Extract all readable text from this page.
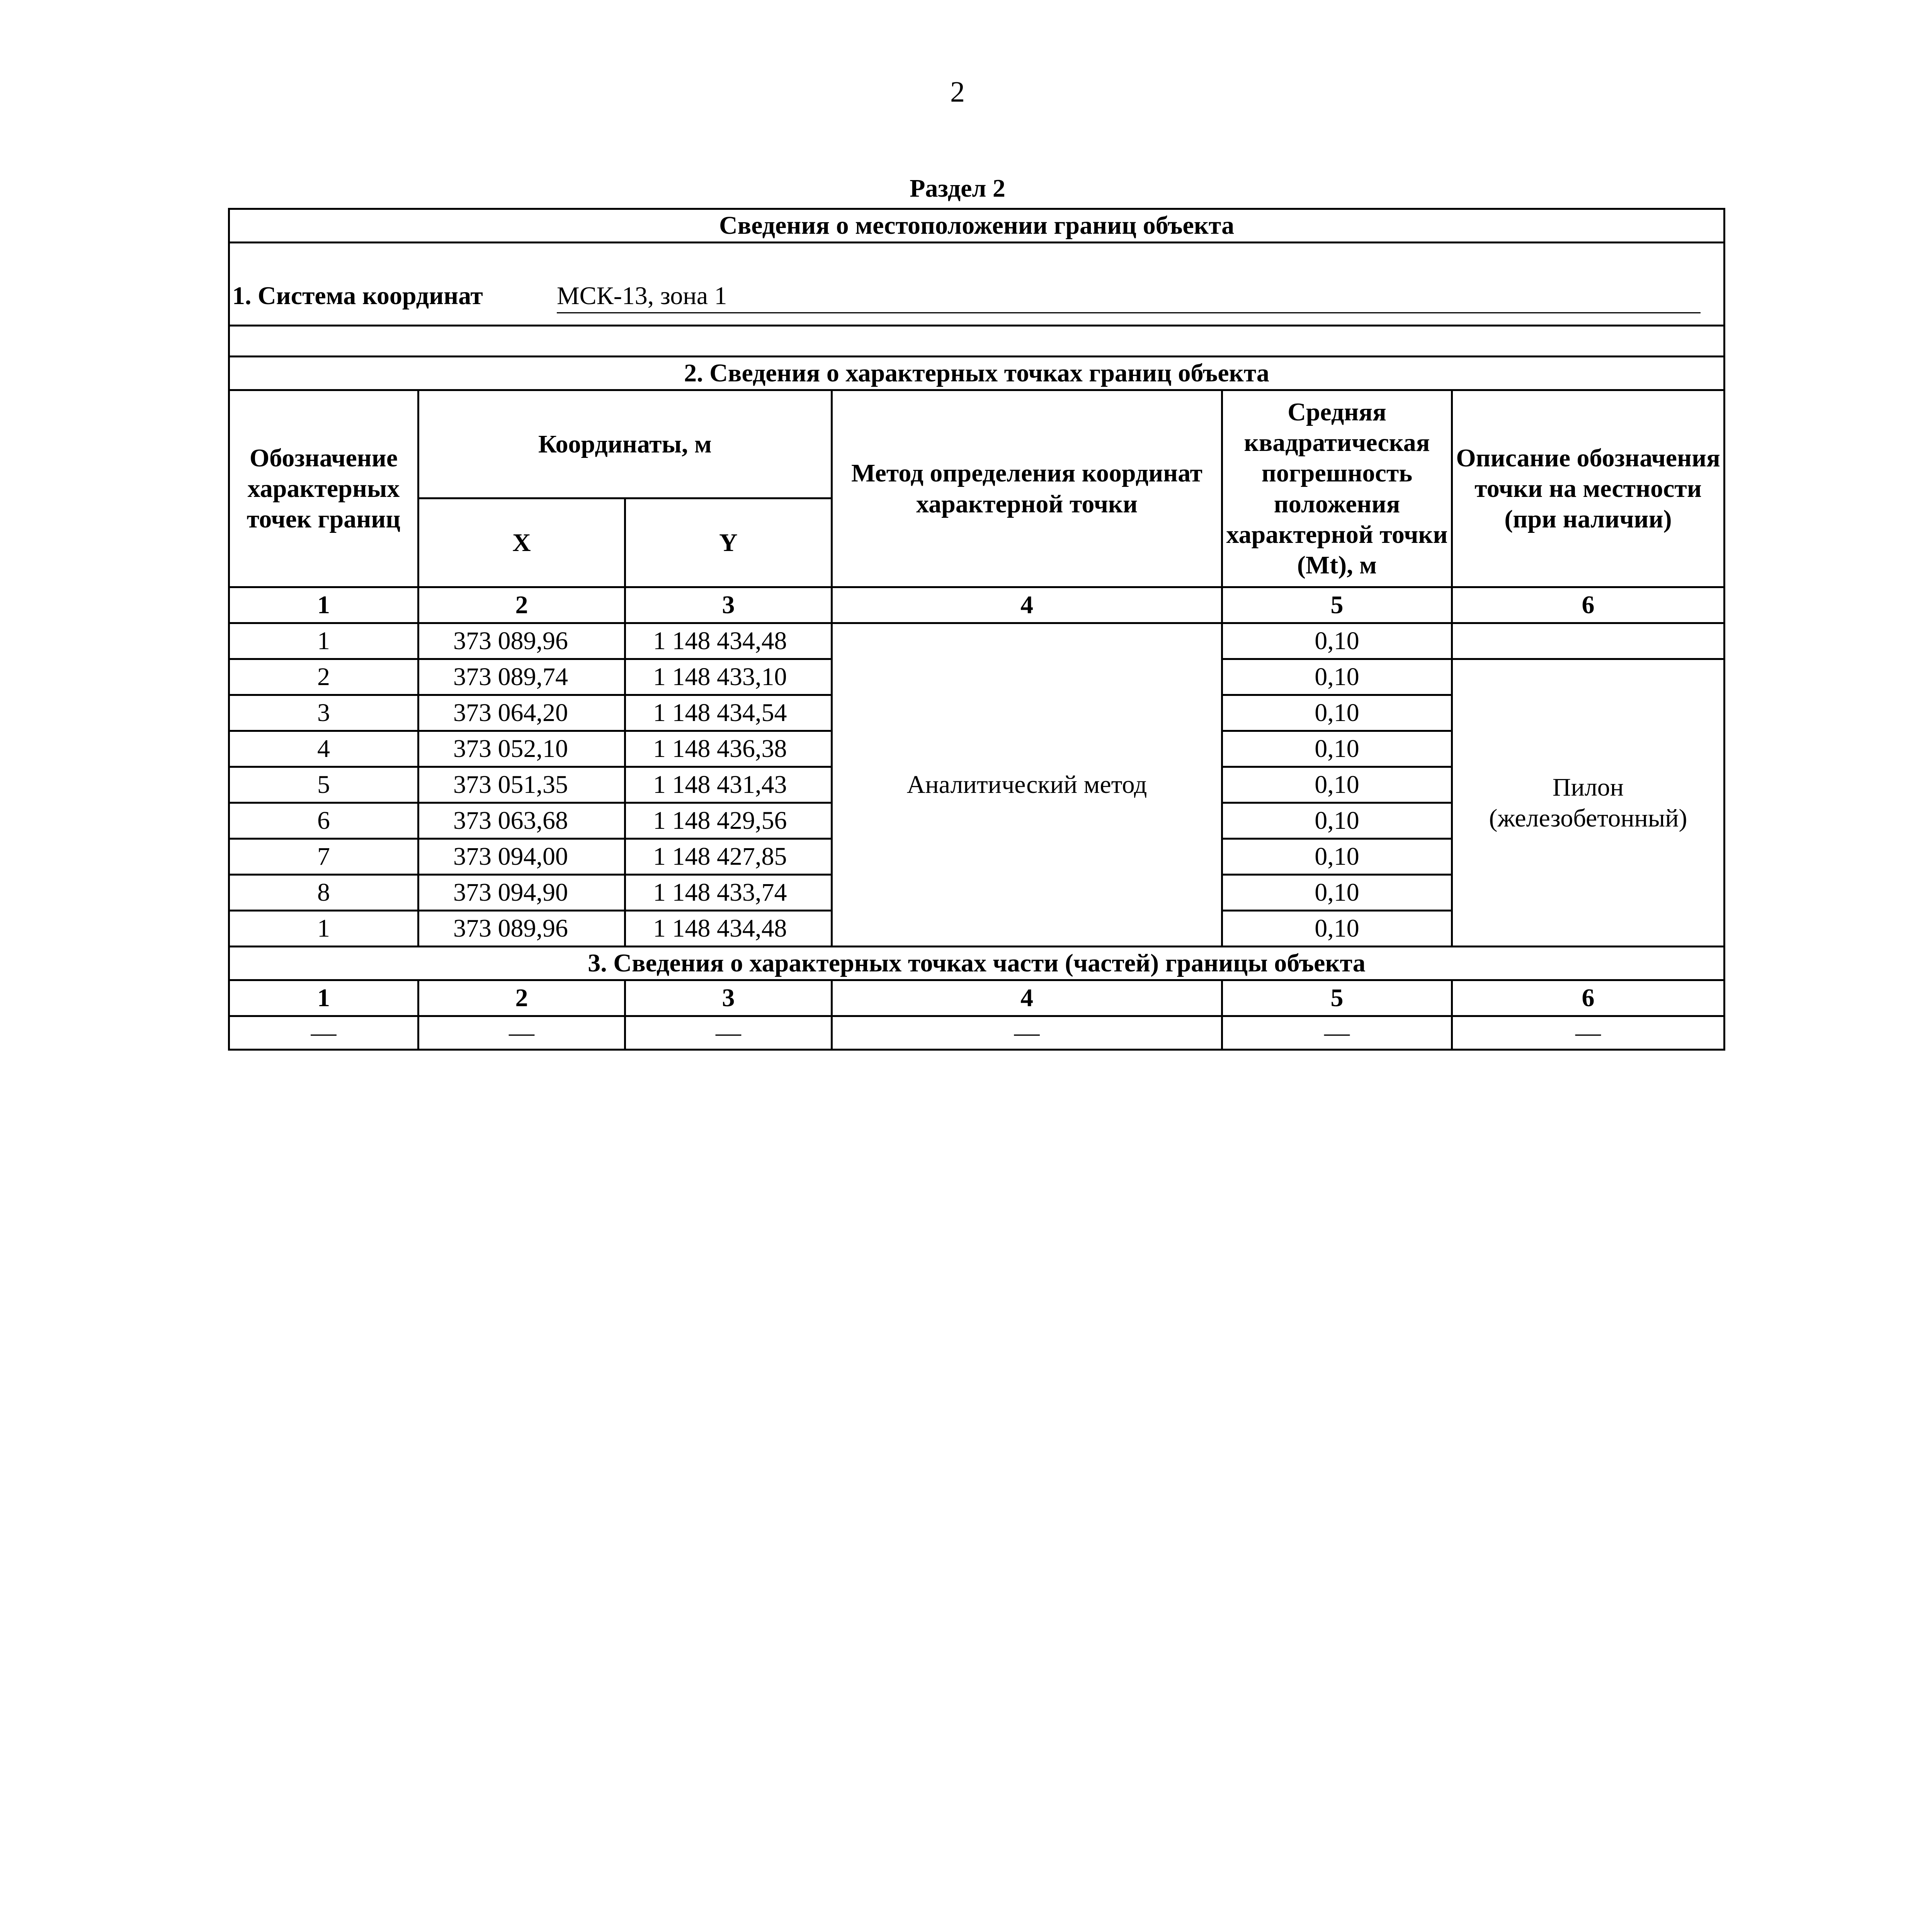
2
Раздел 2
Сведения о местоположении границ объекта						

1. Система координат МСК-13, зона 1						

2. Сведения о характерных точках границ объекта						
Обозначение характерных точек границ	Координаты, м		Метод определения координат характерной точки	Средняя квадратическая погрешность положения характерной точки (Mt), м	Описание обозначения точки на местности (при наличии)	
	X	Y				
1	2	3	4	5	6	
1	373 089,96	1 148 434,48	Аналитический метод	0,10		
2	373 089,74	1 148 433,10		0,10	Пилон (железобетонный)	
3	373 064,20	1 148 434,54		0,10		
4	373 052,10	1 148 436,38		0,10		
5	373 051,35	1 148 431,43		0,10		
6	373 063,68	1 148 429,56		0,10		
7	373 094,00	1 148 427,85		0,10		
8	373 094,90	1 148 433,74		0,10		
1	373 089,96	1 148 434,48		0,10		
3. Сведения о характерных точках части (частей) границы объекта						
1	2	3	4	5	6	
—	—	—	—	—	—	
